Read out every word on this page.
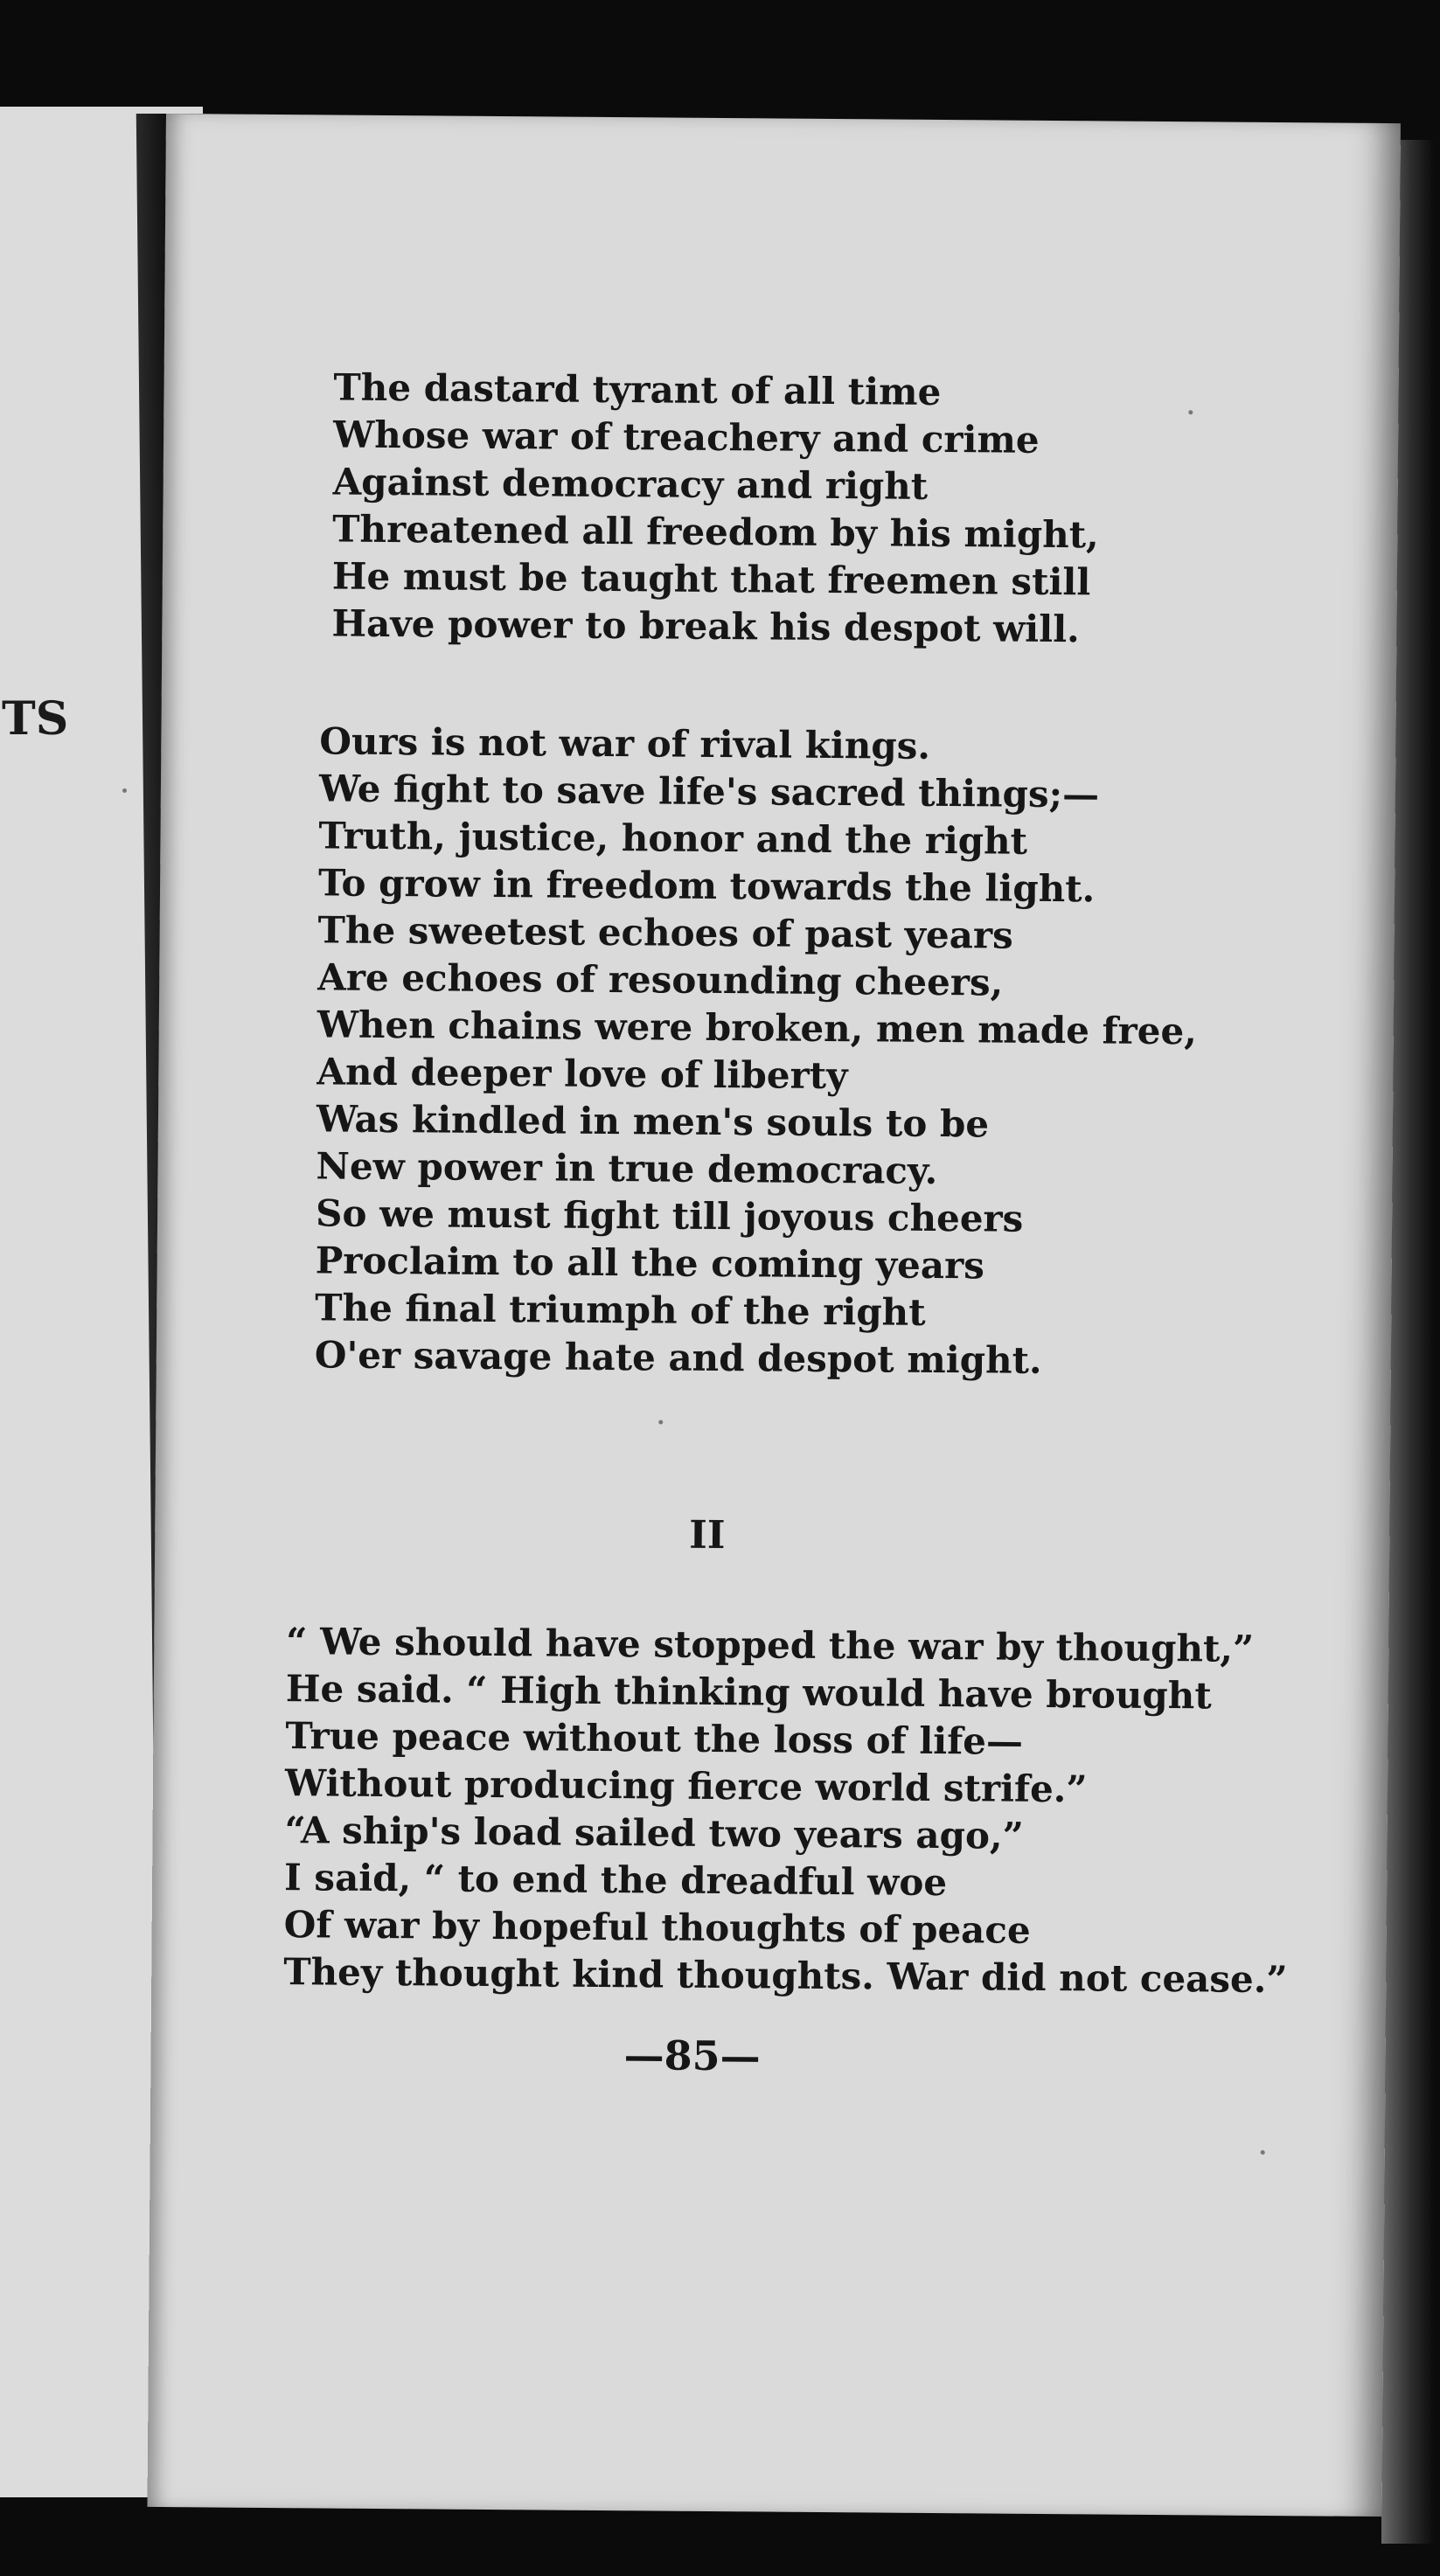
TS
The dastard tyrant of all time
Whose war of treachery and crime
Against democracy and right
Threatened all freedom by his might,
He must be taught that freemen still
Have power to break his despot will.
Ours is not war of rival kings.
We fight to save life's sacred things;—
Truth, justice, honor and the right
To grow in freedom towards the light.
The sweetest echoes of past years
Are echoes of resounding cheers,
When chains were broken, men made free,
And deeper love of liberty
Was kindled in men's souls to be
New power in true democracy.
So we must fight till joyous cheers
Proclaim to all the coming years
The final triumph of the right
O'er savage hate and despot might.
II
“ We should have stopped the war by thought,”
He said. “ High thinking would have brought
True peace without the loss of life—
Without producing fierce world strife.”
“A ship's load sailed two years ago,”
I said, “ to end the dreadful woe
Of war by hopeful thoughts of peace
They thought kind thoughts. War did not cease.”
—85—
